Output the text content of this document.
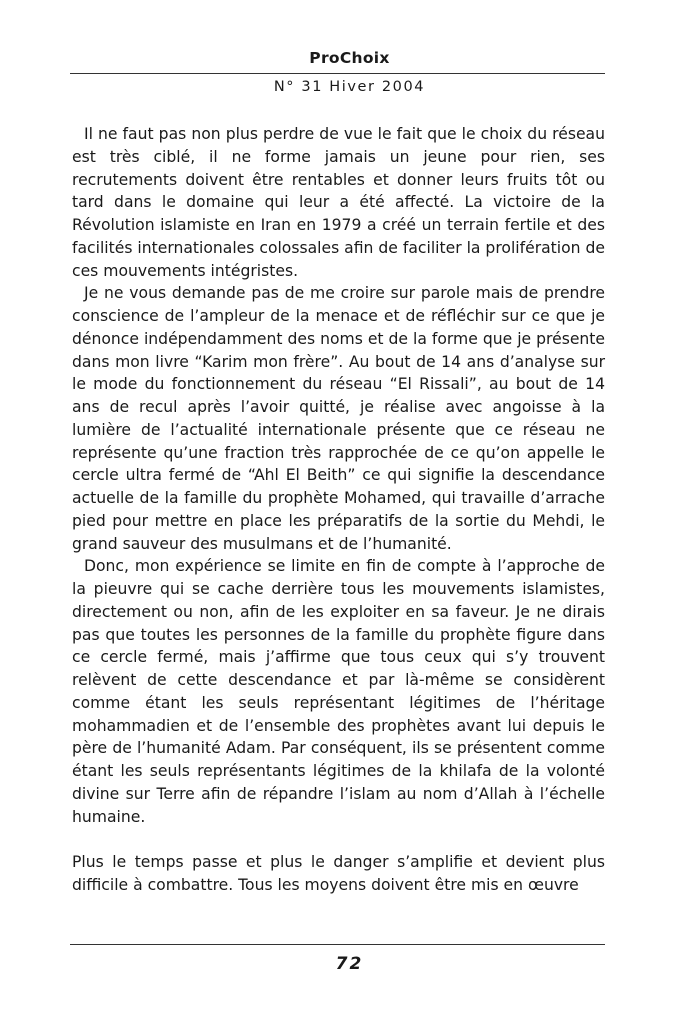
ProChoix
N° 31 Hiver 2004

Il ne faut pas non plus perdre de vue le fait que le choix du réseau est très ciblé, il ne forme jamais un jeune pour rien, ses recrutements doivent être rentables et donner leurs fruits tôt ou tard dans le domaine qui leur a été affecté. La victoire de la Révolution islamiste en Iran en 1979 a créé un terrain fertile et des facilités internationales colossales afin de faciliter la prolifération de ces mouvements intégristes.

Je ne vous demande pas de me croire sur parole mais de prendre conscience de l’ampleur de la menace et de réfléchir sur ce que je dénonce indépendamment des noms et de la forme que je présente dans mon livre “Karim mon frère”. Au bout de 14 ans d’analyse sur le mode du fonctionnement du réseau “El Rissali”, au bout de 14 ans de recul après l’avoir quitté, je réalise avec angoisse à la lumière de l’actualité internationale présente que ce réseau ne représente qu’une fraction très rapprochée de ce qu’on appelle le cercle ultra fermé de “Ahl El Beith” ce qui signifie la descendance actuelle de la famille du prophète Mohamed, qui travaille d’arrache pied pour mettre en place les préparatifs de la sortie du Mehdi, le grand sauveur des musulmans et de l’humanité.

Donc, mon expérience se limite en fin de compte à l’approche de la pieuvre qui se cache derrière tous les mouvements islamistes, directement ou non, afin de les exploiter en sa faveur. Je ne dirais pas que toutes les personnes de la famille du prophète figure dans ce cercle fermé, mais j’affirme que tous ceux qui s’y trouvent relèvent de cette descendance et par là-même se considèrent comme étant les seuls représentant légitimes de l’héritage mohammadien et de l’ensemble des prophètes avant lui depuis le père de l’humanité Adam. Par conséquent, ils se présentent comme étant les seuls représentants légitimes de la khilafa de la volonté divine sur Terre afin de répandre l’islam au nom d’Allah à l’échelle humaine.

Plus le temps passe et plus le danger s’amplifie et devient plus difficile à combattre. Tous les moyens doivent être mis en œuvre

72
